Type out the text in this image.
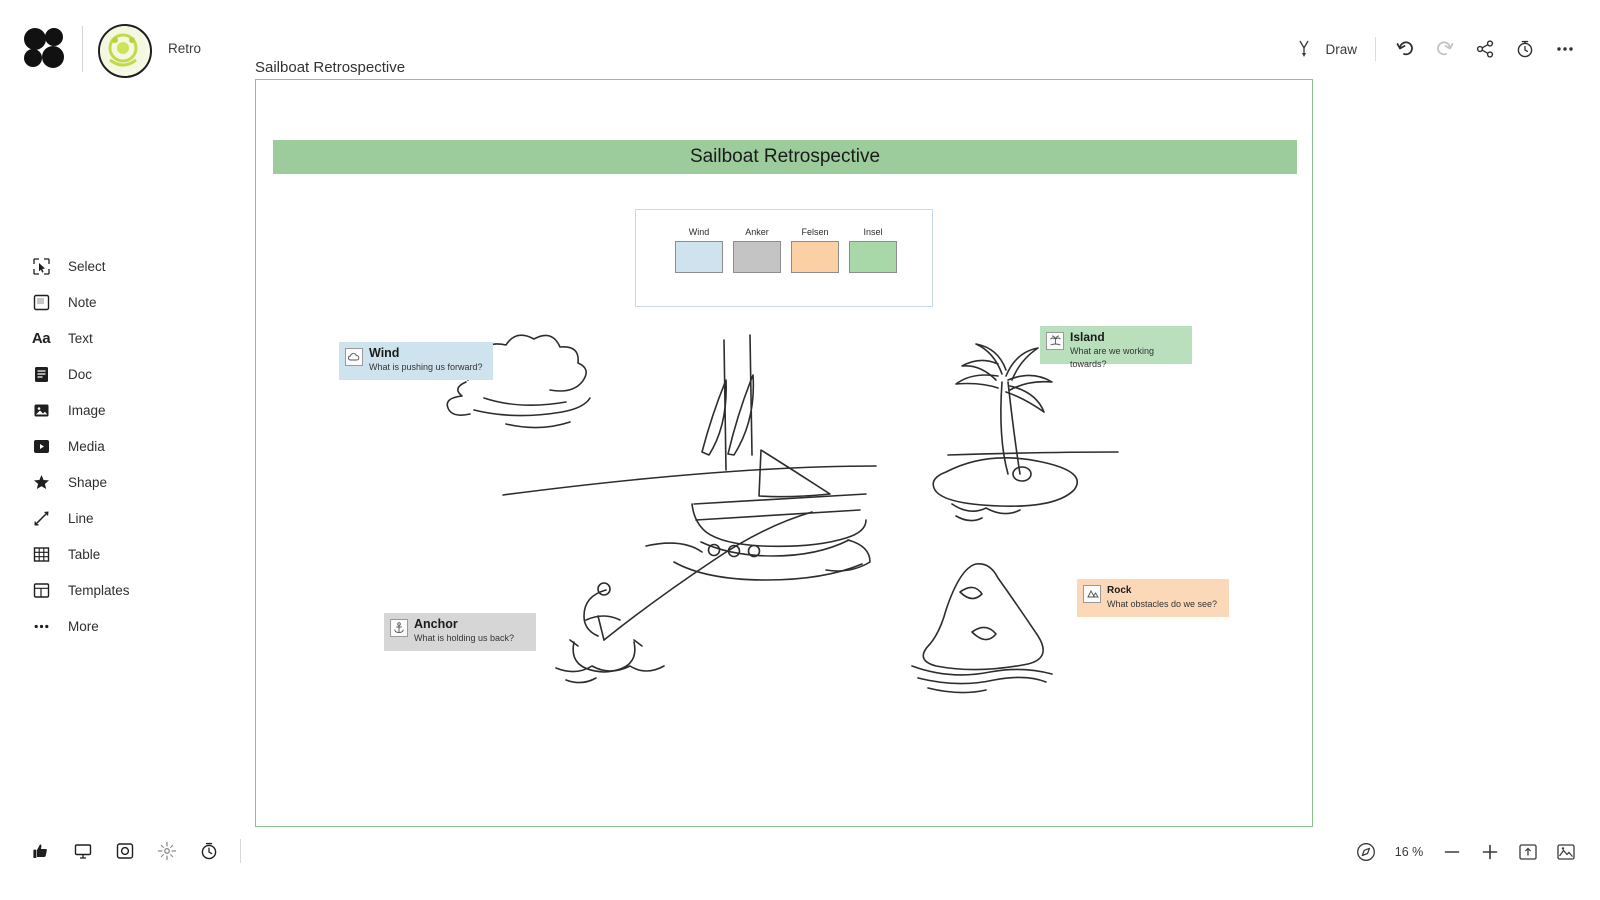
Retro
Sailboat Retrospective
Draw
Select
Note
Aa Text
Doc
Image
Media
Shape
Line
Table
Templates
More
16 %
Sailboat Retrospective
Wind	Anker	Felsen	Insel
Wind
What is pushing us forward?
Island
What are we working towards?
Rock
What obstacles do we see?
Anchor
What is holding us back?
